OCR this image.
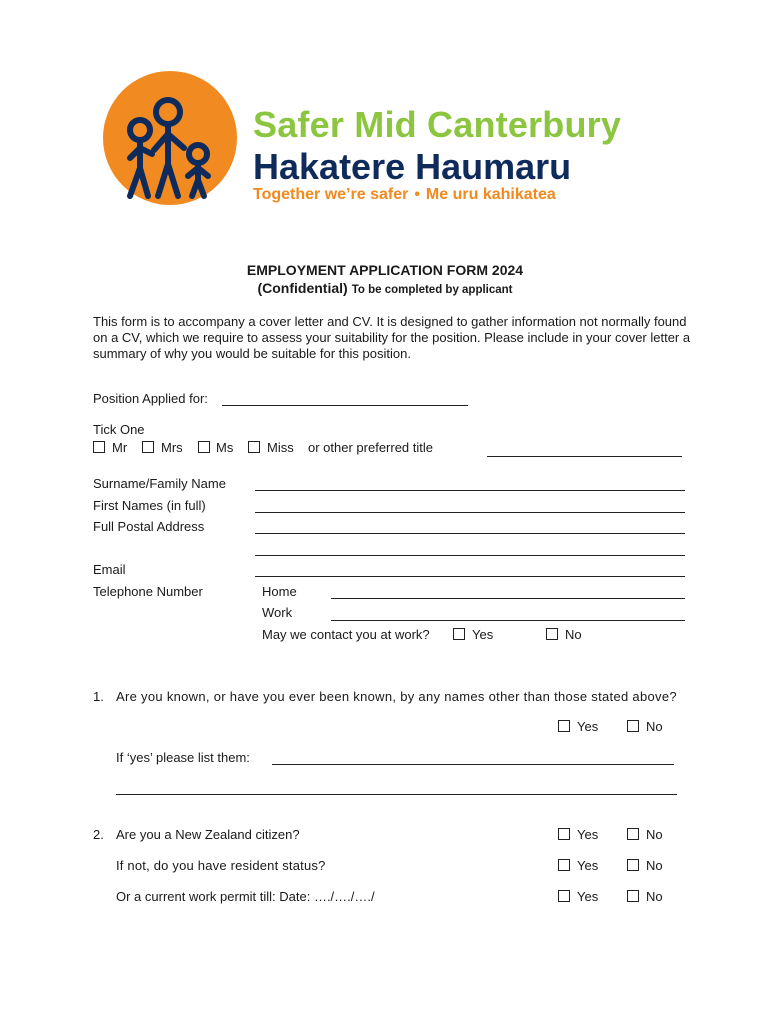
Safer Mid Canterbury
Hakatere Haumaru
Together we’re safer • Me uru kahikatea
EMPLOYMENT APPLICATION FORM 2024
(Confidential) To be completed by applicant
This form is to accompany a cover letter and CV. It is designed to gather information not normally found on a CV, which we require to assess your suitability for the position. Please include in your cover letter a summary of why you would be suitable for this position.
Position Applied for:
Tick One
Mr	Mrs	Ms	Miss or other preferred title
Surname/Family Name
First Names (in full)
Full Postal Address
Email
Telephone Number	Home
Work
May we contact you at work?	Yes	No
1. Are you known, or have you ever been known, by any names other than those stated above?
Yes	No
If ‘yes’ please list them:
2. Are you a New Zealand citizen?	Yes	No
If not, do you have resident status?	Yes	No
Or a current work permit till: Date: …./…./…./	Yes	No
